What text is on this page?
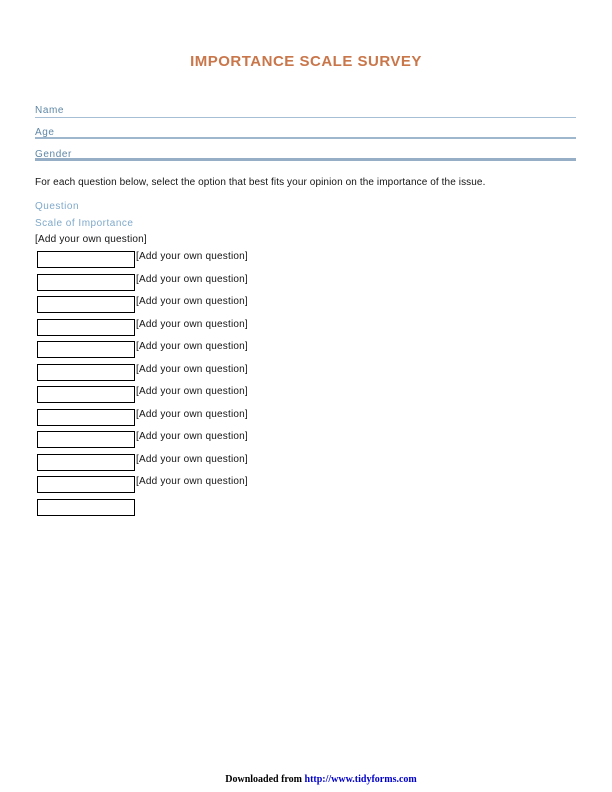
IMPORTANCE SCALE SURVEY
Name
Age
Gender

For each question below, select the option that best fits your opinion on the importance of the issue.

Question
Scale of Importance
[Add your own question]
[Add your own question]
[Add your own question]
[Add your own question]
[Add your own question]
[Add your own question]
[Add your own question]
[Add your own question]
[Add your own question]
[Add your own question]
[Add your own question]
[Add your own question]
Downloaded from http://www.tidyforms.com
